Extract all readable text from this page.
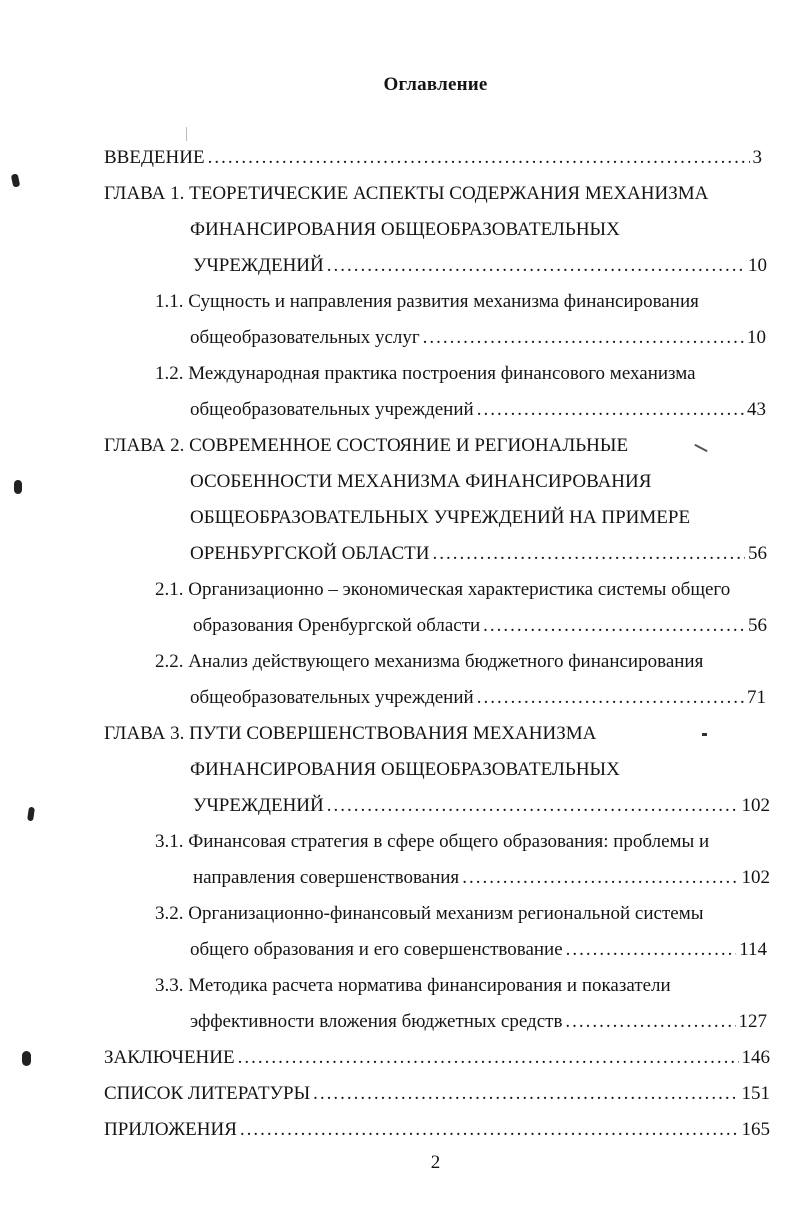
Оглавление
ВВЕДЕНИЕ .....	3
ГЛАВА 1. ТЕОРЕТИЧЕСКИЕ АСПЕКТЫ СОДЕРЖАНИЯ МЕХАНИЗМА
ФИНАНСИРОВАНИЯ ОБЩЕОБРАЗОВАТЕЛЬНЫХ
УЧРЕЖДЕНИЙ .....	10
1.1. Сущность и направления развития механизма финансирования
общеобразовательных услуг .....	10
1.2. Международная практика построения финансового механизма
общеобразовательных учреждений .....	43
ГЛАВА 2. СОВРЕМЕННОЕ СОСТОЯНИЕ И РЕГИОНАЛЬНЫЕ
ОСОБЕННОСТИ МЕХАНИЗМА ФИНАНСИРОВАНИЯ
ОБЩЕОБРАЗОВАТЕЛЬНЫХ УЧРЕЖДЕНИЙ НА ПРИМЕРЕ
ОРЕНБУРГСКОЙ ОБЛАСТИ .....	56
2.1. Организационно – экономическая характеристика системы общего
образования Оренбургской области .....	56
2.2. Анализ действующего механизма бюджетного финансирования
общеобразовательных учреждений .....	71
ГЛАВА 3. ПУТИ СОВЕРШЕНСТВОВАНИЯ МЕХАНИЗМА
ФИНАНСИРОВАНИЯ ОБЩЕОБРАЗОВАТЕЛЬНЫХ
УЧРЕЖДЕНИЙ .....	102
3.1. Финансовая стратегия в сфере общего образования: проблемы и
направления совершенствования .....	102
3.2. Организационно-финансовый механизм региональной системы
общего образования и его совершенствование .....	114
3.3. Методика расчета норматива финансирования и показатели
эффективности вложения бюджетных средств .....	127
ЗАКЛЮЧЕНИЕ .....	146
СПИСОК ЛИТЕРАТУРЫ .....	151
ПРИЛОЖЕНИЯ .....	165
2
